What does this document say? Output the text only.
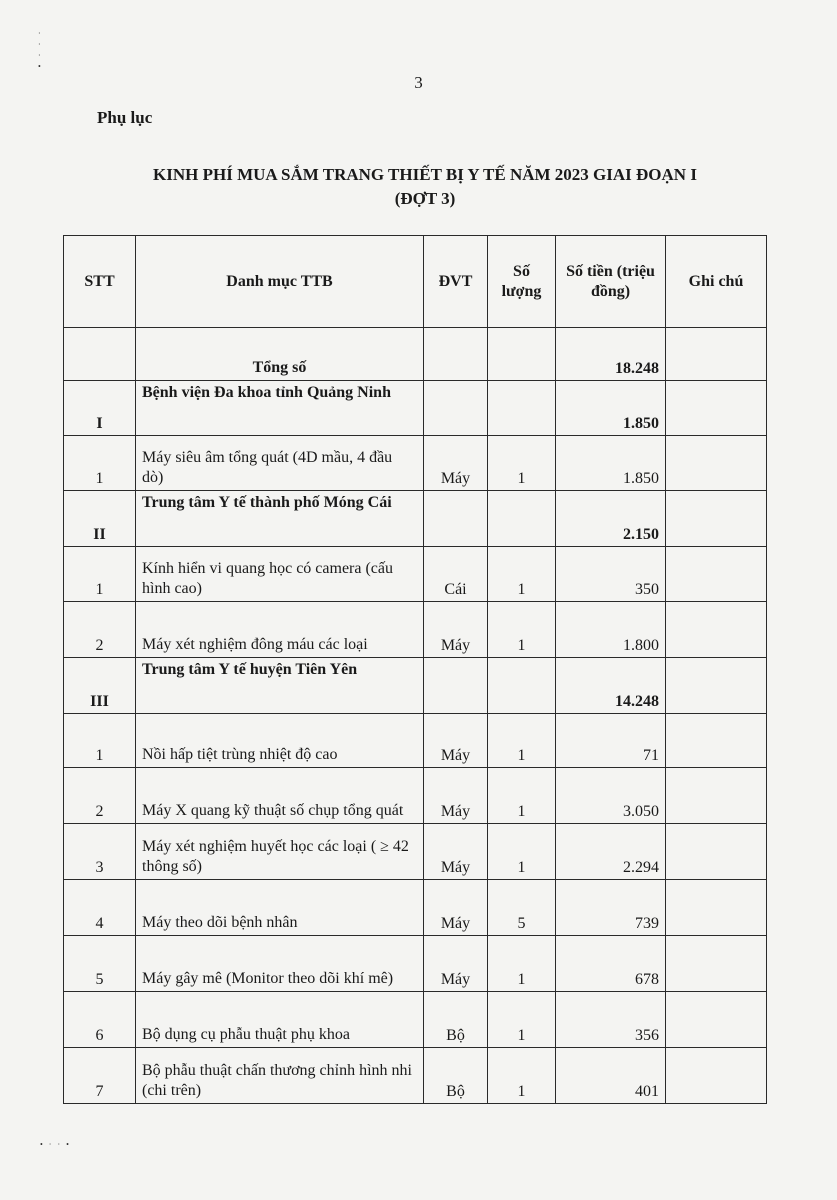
·
·
·
•
3
Phụ lục
KINH PHÍ MUA SẮM TRANG THIẾT BỊ Y TẾ NĂM 2023 GIAI ĐOẠN I
(ĐỢT 3)
STT	Danh mục TTB	ĐVT	Số lượng	Số tiền (triệu đồng)	Ghi chú
	Tổng số			18.248	
I	Bệnh viện Đa khoa tỉnh Quảng Ninh			1.850	
1	Máy siêu âm tổng quát (4D mầu, 4 đầu dò)	Máy	1	1.850	
II	Trung tâm Y tế thành phố Móng Cái			2.150	
1	Kính hiển vi quang học có camera (cấu hình cao)	Cái	1	350	
2	Máy xét nghiệm đông máu các loại	Máy	1	1.800	
III	Trung tâm Y tế huyện Tiên Yên			14.248	
1	Nồi hấp tiệt trùng nhiệt độ cao	Máy	1	71	
2	Máy X quang kỹ thuật số chụp tổng quát	Máy	1	3.050	
3	Máy xét nghiệm huyết học các loại ( ≥ 42 thông số)	Máy	1	2.294	
4	Máy theo dõi bệnh nhân	Máy	5	739	
5	Máy gây mê (Monitor theo dõi khí mê)	Máy	1	678	
6	Bộ dụng cụ phẫu thuật phụ khoa	Bộ	1	356	
7	Bộ phẫu thuật chấn thương chỉnh hình nhi (chi trên)	Bộ	1	401	
•··•
